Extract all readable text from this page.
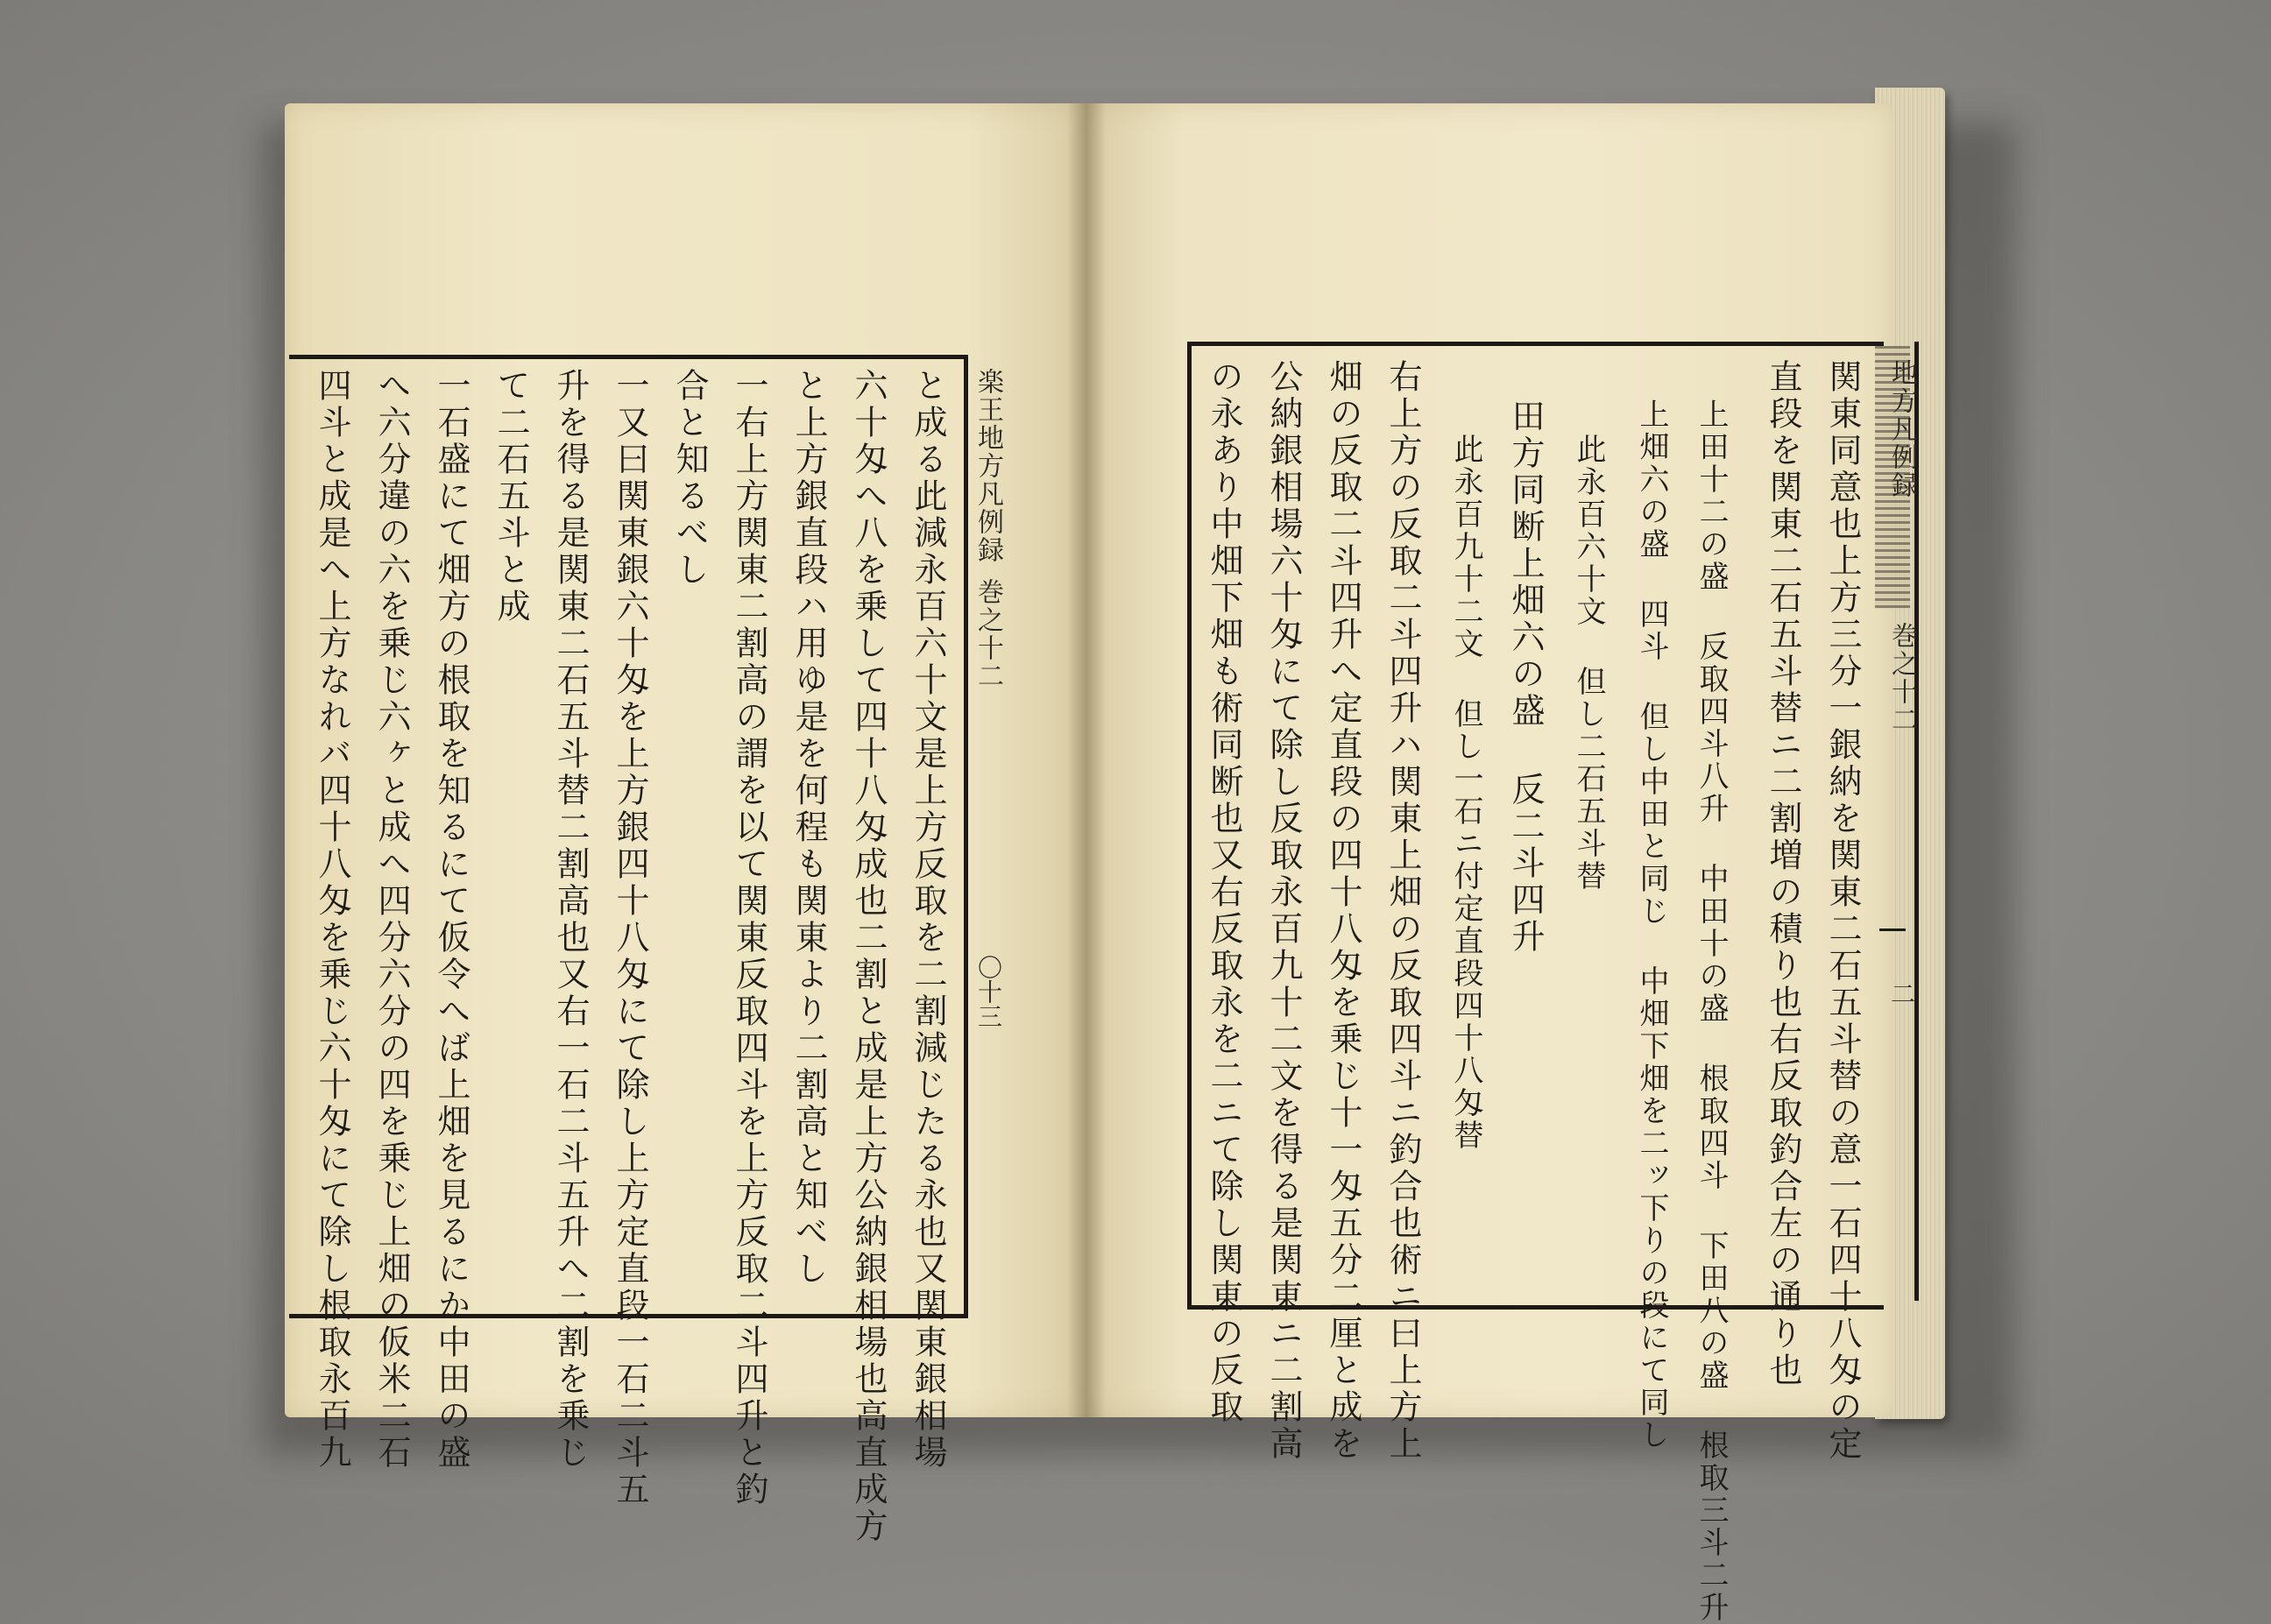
楽王地方凡例録
巻之十二
〇十三
と成る此減永百六十文是上方反取を二割減じたる永也又関東銀相場
六十匁へ八を乗して四十八匁成也二割と成是上方公納銀相場也高直成方
と上方銀直段ハ用ゆ是を何程も関東より二割高と知べし
一右上方関東二割高の謂を以て関東反取四斗を上方反取二斗四升と釣
合と知るべし
一又曰関東銀六十匁を上方銀四十八匁にて除し上方定直段一石二斗五
升を得る是関東二石五斗替二割高也又右一石二斗五升へ二割を乗じ
て二石五斗と成
一石盛にて畑方の根取を知るにて仮令へば上畑を見るにか中田の盛
へ六分違の六を乗じ六ヶと成へ四分六分の四を乗じ上畑の仮米二石
四斗と成是へ上方なれバ四十八匁を乗じ六十匁にて除し根取永百九	地方凡例録
巻之十二
二
関東同意也上方三分一銀納を関東二石五斗替の意一石四十八匁の定
直段を関東二石五斗替ニ二割増の積り也右反取釣合左の通り也
上田十二の盛 反取四斗八升 中田十の盛 根取四斗 下田八の盛 根取三斗二升
上畑六の盛 四斗 但し中田と同じ 中畑下畑を二ッ下りの段にて同し
此永百六十文 但し二石五斗替
田方同断上畑六の盛 反二斗四升
此永百九十二文 但し一石ニ付定直段四十八匁替
右上方の反取二斗四升ハ関東上畑の反取四斗ニ釣合也術ニ曰上方上
畑の反取二斗四升へ定直段の四十八匁を乗じ十一匁五分二厘と成を
公納銀相場六十匁にて除し反取永百九十二文を得る是関東ニ二割高
の永あり中畑下畑も術同断也又右反取永を二ニて除し関東の反取
